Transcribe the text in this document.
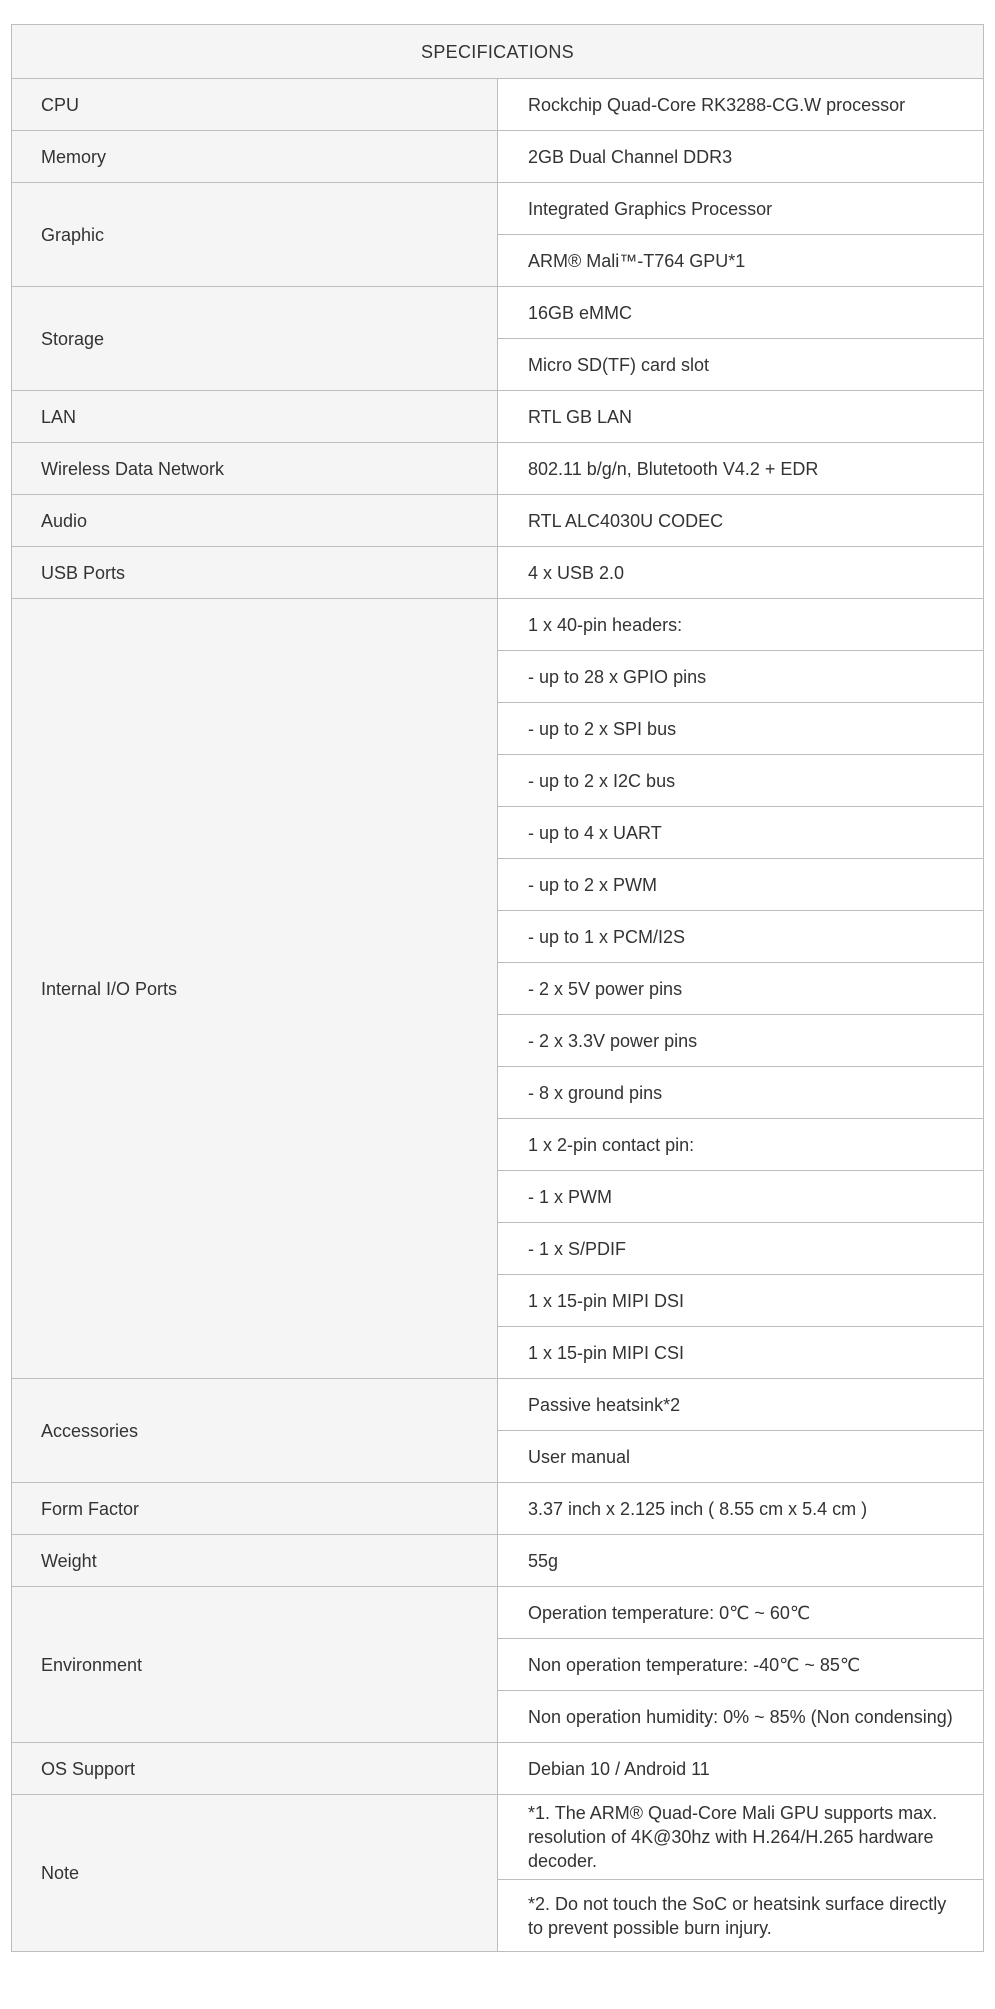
SPECIFICATIONS	
CPU	Rockchip Quad-Core RK3288-CG.W processor
Memory	2GB Dual Channel DDR3
Graphic	Integrated Graphics Processor
	ARM® Mali™-T764 GPU*1
Storage	16GB eMMC
	Micro SD(TF) card slot
LAN	RTL GB LAN
Wireless Data Network	802.11 b/g/n, Blutetooth V4.2 + EDR
Audio	RTL ALC4030U CODEC
USB Ports	4 x USB 2.0
Internal I/O Ports	1 x 40-pin headers:
	- up to 28 x GPIO pins
	- up to 2 x SPI bus
	- up to 2 x I2C bus
	- up to 4 x UART
	- up to 2 x PWM
	- up to 1 x PCM/I2S
	- 2 x 5V power pins
	- 2 x 3.3V power pins
	- 8 x ground pins
	1 x 2-pin contact pin:
	- 1 x PWM
	- 1 x S/PDIF
	1 x 15-pin MIPI DSI
	1 x 15-pin MIPI CSI
Accessories	Passive heatsink*2
	User manual
Form Factor	3.37 inch x 2.125 inch ( 8.55 cm x 5.4 cm )
Weight	55g
Environment	Operation temperature: 0℃ ~ 60℃
	Non operation temperature: -40℃ ~ 85℃
	Non operation humidity: 0% ~ 85% (Non condensing)
OS Support	Debian 10 / Android 11
Note	*1. The ARM® Quad-Core Mali GPU supports max. resolution of 4K@30hz with H.264/H.265 hardware decoder.
	*2. Do not touch the SoC or heatsink surface directly to prevent possible burn injury.
